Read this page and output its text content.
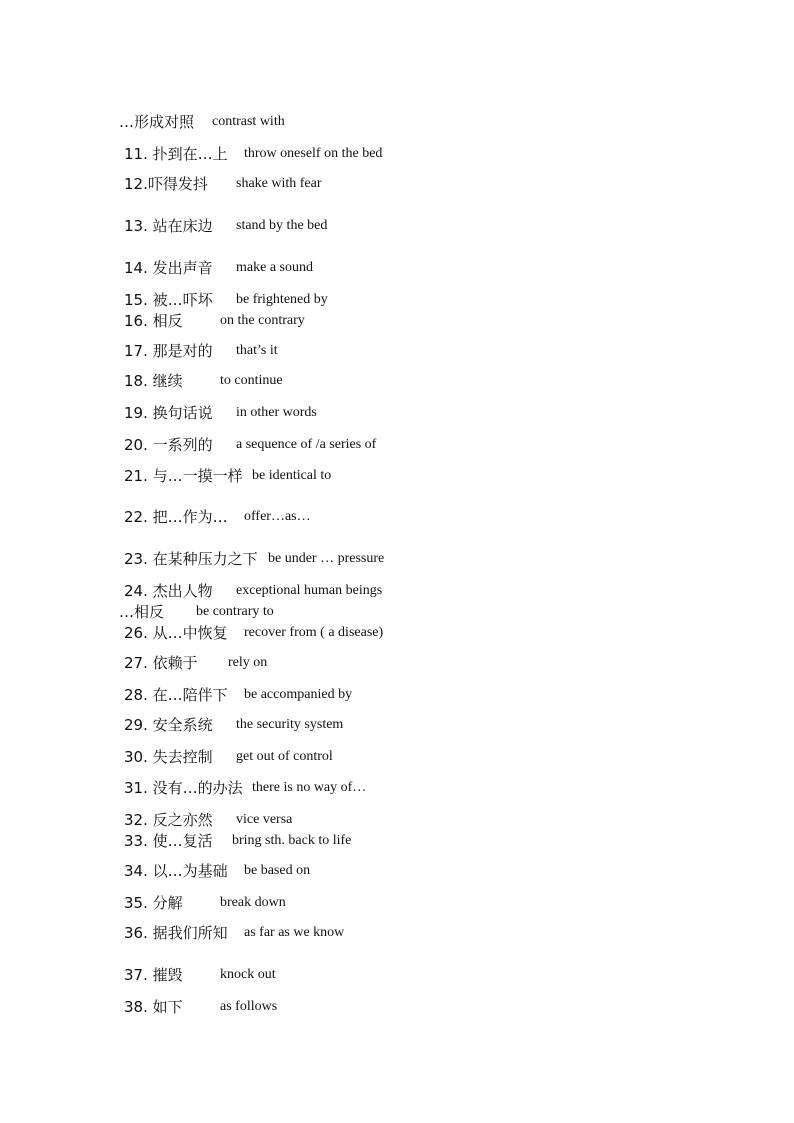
…形成对照 contrast with
11. 扑到在…上 throw oneself on the bed
12.吓得发抖 shake with fear
13. 站在床边 stand by the bed
14. 发出声音 make a sound
15. 被…吓坏 be frightened by
16. 相反	on the contrary
17. 那是对的 that’s it
18. 继续	to continue
19. 换句话说 in other words
20. 一系列的 a sequence of /a series of
21. 与…一摸一样 be identical to
22. 把…作为… offer…as…
23. 在某种压力之下 be under … pressure
24. 杰出人物 exceptional human beings
…相反 be contrary to
26. 从…中恢复 recover from ( a disease)
27. 依赖于 rely on
28. 在…陪伴下 be accompanied by
29. 安全系统 the security system
30. 失去控制 get out of control
31. 没有…的办法 there is no way of…
32. 反之亦然 vice versa
33. 使…复活 bring sth. back to life
34. 以…为基础 be based on
35. 分解	break down
36. 据我们所知 as far as we know
37. 摧毁	knock out
38. 如下	as follows
